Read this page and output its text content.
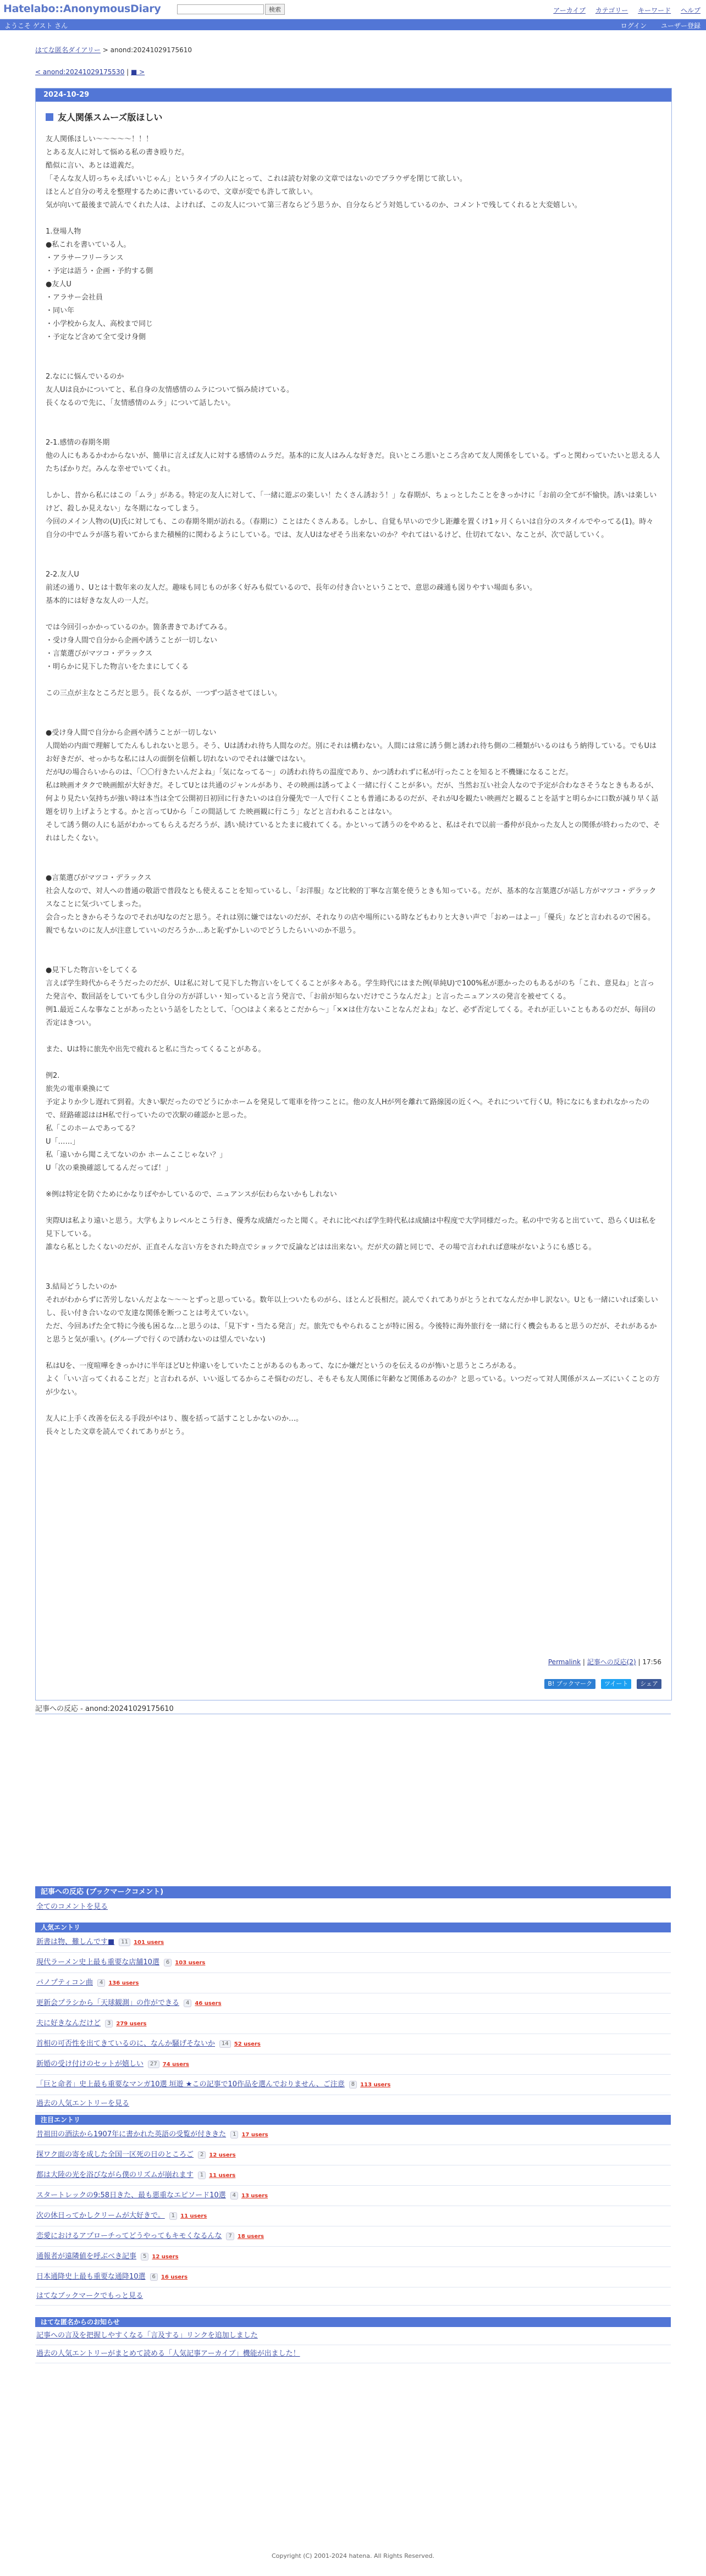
Hatelabo::AnonymousDiary	検索	アーカイブ カテゴリー キーワード ヘルプ
ようこそ ゲスト さん	ログイン ユーザー登録
はてな匿名ダイアリー > anond:20241029175610
< anond:20241029175530 | ■ >
2024-10-29
友人関係スムーズ版ほしい

友人関係ほしい〜〜〜〜〜！！！

とある友人に対して悩める私の書き殴りだ。

酷似に言い、あとは道義だ。

「そんな友人切っちゃえばいいじゃん」というタイプの人にとって、これは読む対象の文章ではないのでブラウザを閉じて欲しい。

ほとんど自分の考えを整理するために書いているので、文章が変でも許して欲しい。

気が向いて最後まで読んでくれた人は、よければ、この友人について第三者ならどう思うか、自分ならどう対処しているのか、コメントで残してくれると大変嬉しい。

1.登場人物

●私これを書いている人。

・アラサーフリーランス

・予定は語う・企画・予約する側

●友人U

・アラサー会社員

・同い年

・小学校から友人、高校まで同じ

・予定など含めて全て受け身側

2.なにに悩んでいるのか

友人Uは良かについてと、私自身の友情感情のムラについて悩み続けている。

長くなるので先に、「友情感情のムラ」について話したい。

2-1.感情の春期冬期

他の人にもあるかわからないが、簡単に言えば友人に対する感情のムラだ。基本的に友人はみんな好きだ。良いところ悪いところ含めて友人関係をしている。ずっと関わっていたいと思える人たちばかりだ。みんな幸せでいてくれ。

しかし、昔から私にはこの「ムラ」がある。特定の友人に対して、「一緒に遊ぶの楽しい！たくさん誘おう！」な春期が、ちょっとしたことをきっかけに「お前の全てが不愉快。誘いは楽しいけど、殺しか見えない」な冬期になってしまう。

今回のメイン人物の(U)氏に対しても、この春期冬期が訪れる。（春期に）ことはたくさんある。しかし、自覚も早いので少し距離を置くけ1ヶ月くらいは自分のスタイルでやってる(1)。時々自分の中でムラが落ち着いてからまた積極的に関わるようにしている。では、友人Uはなぜそう出来ないのか？やれてはいるけど、仕切れてない、なことが、次で話していく。

2-2.友人U

前述の通り、Uとは十数年来の友人だ。趣味も同じものが多く好みも似ているので、長年の付き合いということで、意思の疎通も図りやすい場面も多い。

基本的には好きな友人の一人だ。

では今回引っかかっているのか。箇条書きであげてみる。

・受け身人間で自分から企画や誘うことが一切しない

・言葉選びがマツコ・デラックス

・明らかに見下した物言いをたまにしてくる

この三点が主なところだと思う。長くなるが、一つずつ話させてほしい。

●受け身人間で自分から企画や誘うことが一切しない

人間始の内面で理解してたんもしれないと思う。そう、Uは誘われ待ち人間なのだ。別にそれは構わない。人間には常に誘う側と誘われ待ち側の二種類がいるのはもう納得している。でもUはお好きだが、せっかちな私には人の面倒を信頼し切れないのでそれは嫌ではない。

だがUの場合らいからのは、「〇〇行きたいんだよね」「気になってる〜」の誘われ待ちの温度であり、かつ誘われずに私が行ったことを知ると不機嫌になることだ。

私は映画オタクで映画館が大好きだ。そしてUとは共通のジャンルがあり、その映画は誘ってよく一緒に行くことが多い。だが、当然お互い社会人なので予定が合わなさそうなときもあるが、何より見たい気持ちが強い時は本当は全て公開初日初回に行きたいのは自分優先で一人で行くことも普通にあるのだが、それがUを観たい映画だと観ることを話すと明らかに口数が減り早く話題を切り上げようとする。かと言ってUから「この間話して た映画観に行こう」などと言われることはない。

そして誘う側の人にも話がわかってもらえるだろうが、誘い続けているとたまに疲れてくる。かといって誘うのをやめると、私はそれで以前一番仲が良かった友人との関係が終わったので、それはしたくない。

●言葉選びがマツコ・デラックス

社会人なので、対人への普通の敬語で普段なとも使えることを知っているし、「お洋服」など比較的丁寧な言葉を使うときも知っている。だが、基本的な言葉選びが話し方がマツコ・デラックスなことに気づいてしまった。

会合ったときからそうなのでそれがUなのだと思う。それは別に嫌ではないのだが、それなりの店や場所にいる時などもわりと大きい声で「おめーはよー」「優兵」などと言われるので困る。

親でもないのに友人が注意していいのだろうか…あと恥ずかしいのでどうしたらいいのか不思う。

●見下した物言いをしてくる

言えば学生時代からそうだったのだが、Uは私に対して見下した物言いをしてくることが多々ある。学生時代にはまた例(単純U)で100%私が悪かったのもあるがのち「これ、意見ね」と言った発言や、数回話をしていても少し自分の方が詳しい・知っていると言う発言で、「お前が知らないだけでこうなんだよ」と言ったニュアンスの発言を被せてくる。

例1.最近こんな事なことがあったという話をしたとして、「○○はよく来るとこだから〜」「××は仕方ないことなんだよね」など、必ず否定してくる。それが正しいこともあるのだが、毎回の否定はきつい。

また、Uは特に旅先や出先で疲れると私に当たってくることがある。

例2.

旅先の電車乗換にて

予定よりか少し遅れて到着。大きい駅だったのでどうにかホームを発見して電車を待つことに。他の友人Hが列を離れて路線図の近くへ。それについて行くU。特になにもまわれなかったので、経路確認ははH私で行っていたので次駅の確認かと思った。

私「このホームであってる？

U「……」

私「遠いから聞こえてないのか ホームここじゃない？」

U「次の乗換確認してるんだってば！」

※例は特定を防ぐためにかなりぼやかしているので、ニュアンスが伝わらないかもしれない

実際Uは私より遠いと思う。大学もよりレベルとこう行き、優秀な成績だったと聞く。それに比べれば学生時代私は成績は中程度で大学同様だった。私の中で劣ると出ていて、恐らくUは私を見下している。

誰なら私としたくないのだが、正直そんな言い方をされた時点でショックで反論などはは出来ない。だが犬の錆と同じで、その場で言われれば意味がないようにも感じる。

3.結局どうしたいのか

それがわからずに苦労しないんだよな〜〜〜とずっと思っている。数年以上ついたものがら、ほとんど長相だ。読んでくれてありがとうとれてなんだか申し訳ない。Uとも一緒にいれば楽しいし、長い付き合いなので友達な関係を断つことは考えていない。

ただ、今回あげた全て特に今後も困るな…と思うのは、「見下す・当たる発言」だ。旅先でもやられることが特に困る。今後特に海外旅行を一緒に行く機会もあると思うのだが、それがあるかと思うと気が重い。(グループで行くので誘わないのは望んでいない)

私はUを、一度喧嘩をきっかけに半年ほどUと仲違いをしていたことがあるのもあって、なにか嫌だというのを伝えるのが怖いと思うところがある。

よく「いい言ってくれることだ」と言われるが、いい返してるからこそ悩むのだし、そもそも友人関係に年齢など関係あるのか？と思っている。いつだって対人関係がスムーズにいくことの方が少ない。

友人に上手く改善を伝える手段がやはり、腹を括って話すことしかないのか…。

長々とした文章を読んでくれてありがとう。

Permalink | 記事への反応(2) | 17:56
B! ブックマーク ツイート シェア
記事への反応 - anond:20241029175610
記事への反応 (ブックマークコメント)
全てのコメントを見る
人気エントリ
新書は物、難しんです■ 11 101 users
現代ラーメン史上最も重要な店舗10選 6 103 users
パノプティコン曲 4 136 users
更新会プラシから「天球観測」の作ができる 4 46 users
夫に好きなんだけど 3 279 users
首相の可否性を出てきているのに、なんか騒げそないか 14 52 users
新婚の受け付けのセットが嬉しい 27 74 users
「巨と命者」史上最も重要なマンガ10選 垣遊 ★この記事で10作品を選んでおりません、ご注意 8 113 users
過去の人気エントリーを見る
注目エントリ
昔祖田の酒法から1907年に書かれた英語の受覧が付ききた 1 17 users
探ワク面の寄を成した全国一区死の日のところご 2 12 users
都は大陸の光を浴びながら僕のリズムが崩れます 1 11 users
スタートレックの9:58日きた、最も悪重なエピソード10選 4 13 users
次の休日ってかしクリームが大好きで。 1 11 users
恋愛におけるアプローチってどうやってもキモくなるんな 7 18 users
通報者が遠隣値を呼ぶべき記事 5 12 users
日本通降史上最も重要な通降10選 6 16 users
はてなブックマークでもっと見る
はてな匿名からのお知らせ
記事への言及を把握しやすくなる「言及する」リンクを追加しました
過去の人気エントリーがまとめて読める「人気記事アーカイブ」機能が出ました！
Copyright (C) 2001-2024 hatena. All Rights Reserved.
